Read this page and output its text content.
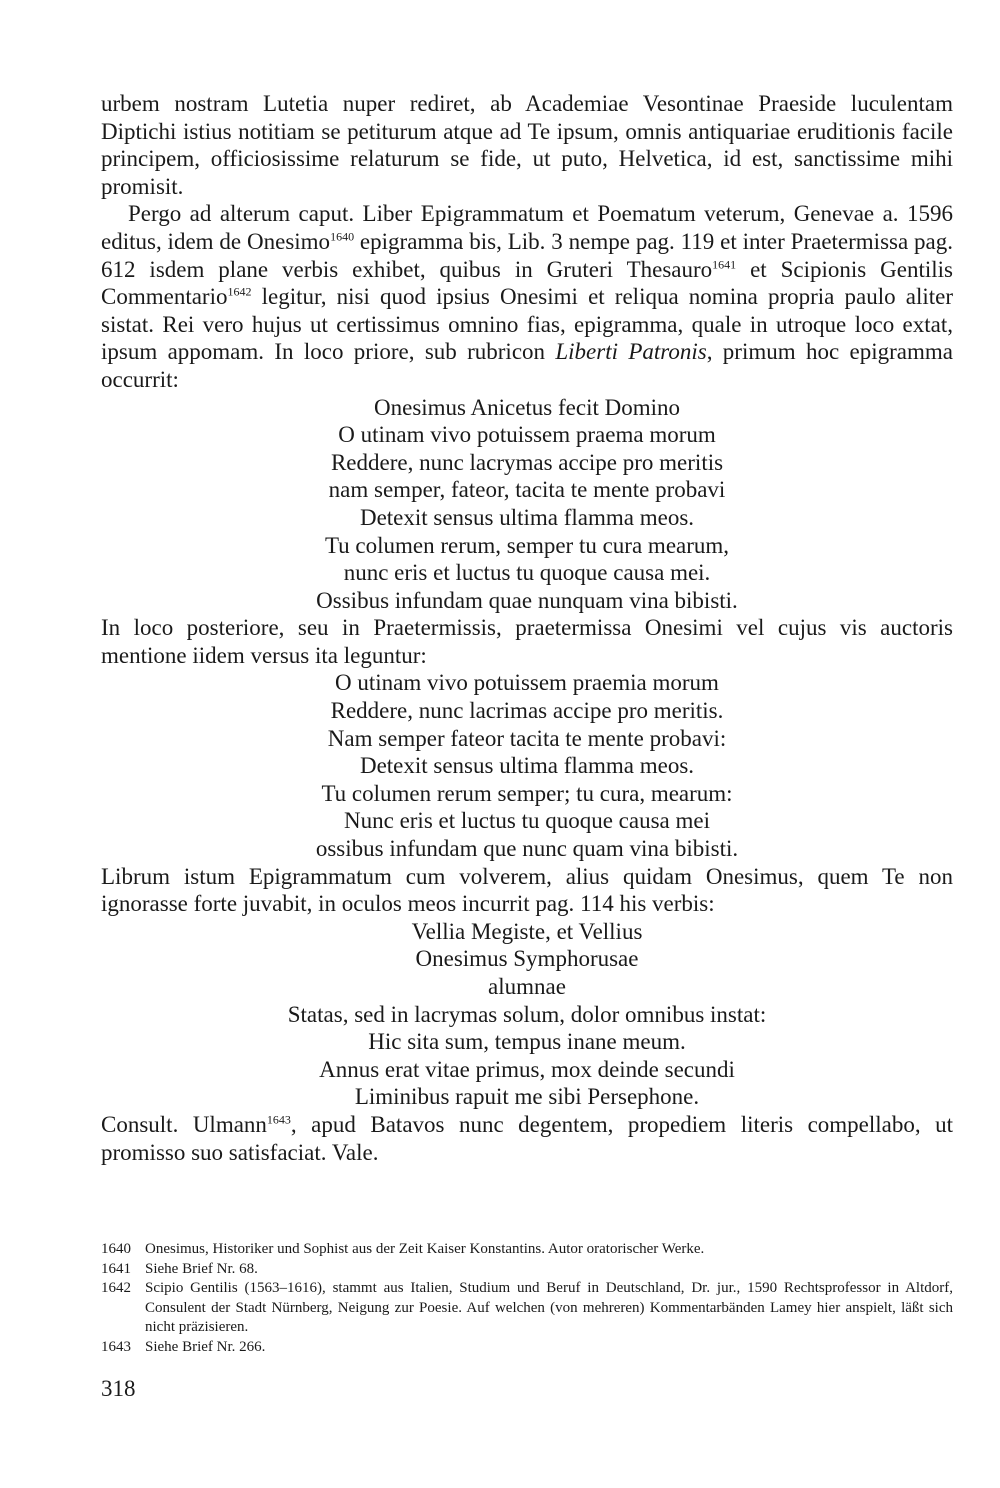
urbem nostram Lutetia nuper rediret, ab Academiae Vesontinae Praeside luculentam Diptichi istius notitiam se petiturum atque ad Te ipsum, omnis antiquariae eruditionis facile principem, officiosissime relaturum se fide, ut puto, Helvetica, id est, sanctissime mihi promisit.

Pergo ad alterum caput. Liber Epigrammatum et Poematum veterum, Genevae a. 1596 editus, idem de Onesimo$^{1640}$ epigramma bis, Lib. 3 nempe pag. 119 et inter Praetermissa pag. 612 isdem plane verbis exhibet, quibus in Gruteri Thesauro$^{1641}$ et Scipionis Gentilis Commentario$^{1642}$ legitur, nisi quod ipsius Onesimi et reliqua nomina propria paulo aliter sistat. Rei vero hujus ut certissimus omnino fias, epigramma, quale in utroque loco extat, ipsum appomam. In loco priore, sub rubricon Liberti Patronis, primum hoc epigramma occurrit:

Onesimus Anicetus fecit Domino
O utinam vivo potuissem praema morum
Reddere, nunc lacrymas accipe pro meritis
nam semper, fateor, tacita te mente probavi
Detexit sensus ultima flamma meos.
Tu columen rerum, semper tu cura mearum,
nunc eris et luctus tu quoque causa mei.
Ossibus infundam quae nunquam vina bibisti.

In loco posteriore, seu in Praetermissis, praetermissa Onesimi vel cujus vis auctoris mentione iidem versus ita leguntur:

O utinam vivo potuissem praemia morum
Reddere, nunc lacrimas accipe pro meritis.
Nam semper fateor tacita te mente probavi:
Detexit sensus ultima flamma meos.
Tu columen rerum semper; tu cura, mearum:
Nunc eris et luctus tu quoque causa mei
ossibus infundam que nunc quam vina bibisti.

Librum istum Epigrammatum cum volverem, alius quidam Onesimus, quem Te non ignorasse forte juvabit, in oculos meos incurrit pag. 114 his verbis:

Vellia Megiste, et Vellius
Onesimus Symphorusae
alumnae
Statas, sed in lacrymas solum, dolor omnibus instat:
Hic sita sum, tempus inane meum.
Annus erat vitae primus, mox deinde secundi
Liminibus rapuit me sibi Persephone.

Consult. Ulmann$^{1643}$, apud Batavos nunc degentem, propediem literis compellabo, ut promisso suo satisfaciat. Vale.

1640 Onesimus, Historiker und Sophist aus der Zeit Kaiser Konstantins. Autor oratorischer Werke.
1641 Siehe Brief Nr. 68.
1642 Scipio Gentilis (1563–1616), stammt aus Italien, Studium und Beruf in Deutschland, Dr. jur., 1590 Rechtsprofessor in Altdorf, Consulent der Stadt Nürnberg, Neigung zur Poesie. Auf welchen (von mehreren) Kommentarbänden Lamey hier anspielt, läßt sich nicht präzisieren.
1643 Siehe Brief Nr. 266.
318
